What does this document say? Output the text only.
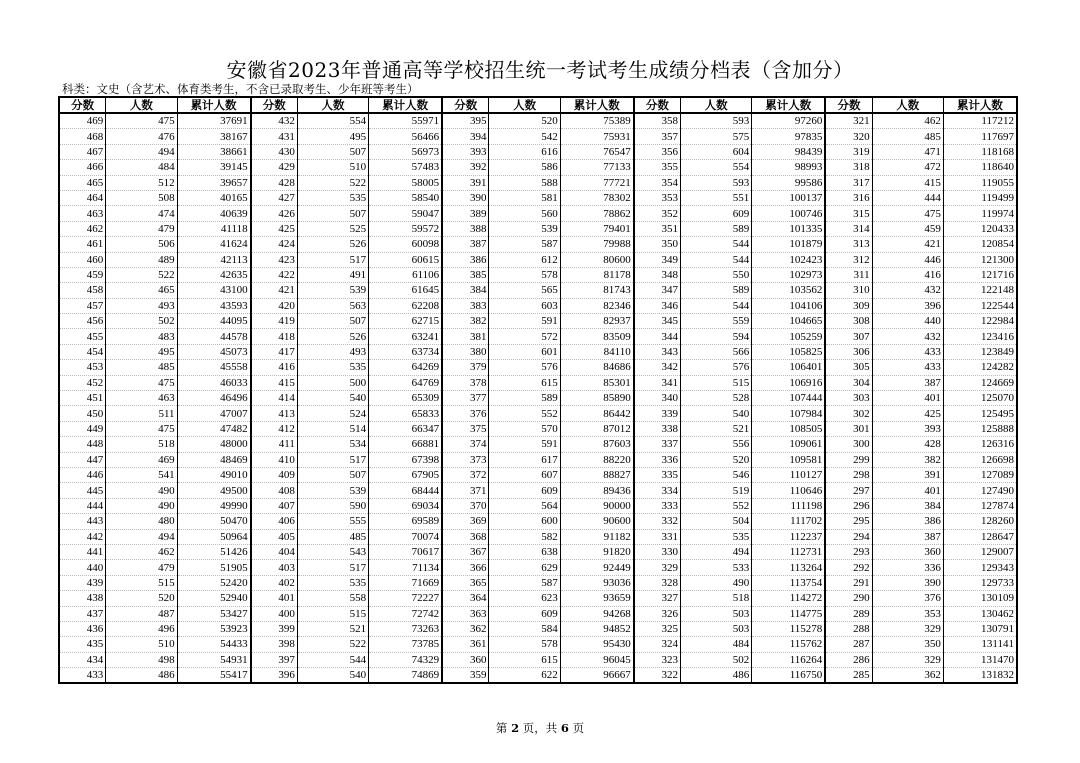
安徽省2023年普通高等学校招生统一考试考生成绩分档表（含加分）
科类：文史（含艺术、体育类考生，不含已录取考生、少年班等考生）
分数	人数	累计人数	分数	人数	累计人数	分数	人数	累计人数	分数	人数	累计人数	分数	人数	累计人数
469	475	37691	432	554	55971	395	520	75389	358	593	97260	321	462	117212
468	476	38167	431	495	56466	394	542	75931	357	575	97835	320	485	117697
467	494	38661	430	507	56973	393	616	76547	356	604	98439	319	471	118168
466	484	39145	429	510	57483	392	586	77133	355	554	98993	318	472	118640
465	512	39657	428	522	58005	391	588	77721	354	593	99586	317	415	119055
464	508	40165	427	535	58540	390	581	78302	353	551	100137	316	444	119499
463	474	40639	426	507	59047	389	560	78862	352	609	100746	315	475	119974
462	479	41118	425	525	59572	388	539	79401	351	589	101335	314	459	120433
461	506	41624	424	526	60098	387	587	79988	350	544	101879	313	421	120854
460	489	42113	423	517	60615	386	612	80600	349	544	102423	312	446	121300
459	522	42635	422	491	61106	385	578	81178	348	550	102973	311	416	121716
458	465	43100	421	539	61645	384	565	81743	347	589	103562	310	432	122148
457	493	43593	420	563	62208	383	603	82346	346	544	104106	309	396	122544
456	502	44095	419	507	62715	382	591	82937	345	559	104665	308	440	122984
455	483	44578	418	526	63241	381	572	83509	344	594	105259	307	432	123416
454	495	45073	417	493	63734	380	601	84110	343	566	105825	306	433	123849
453	485	45558	416	535	64269	379	576	84686	342	576	106401	305	433	124282
452	475	46033	415	500	64769	378	615	85301	341	515	106916	304	387	124669
451	463	46496	414	540	65309	377	589	85890	340	528	107444	303	401	125070
450	511	47007	413	524	65833	376	552	86442	339	540	107984	302	425	125495
449	475	47482	412	514	66347	375	570	87012	338	521	108505	301	393	125888
448	518	48000	411	534	66881	374	591	87603	337	556	109061	300	428	126316
447	469	48469	410	517	67398	373	617	88220	336	520	109581	299	382	126698
446	541	49010	409	507	67905	372	607	88827	335	546	110127	298	391	127089
445	490	49500	408	539	68444	371	609	89436	334	519	110646	297	401	127490
444	490	49990	407	590	69034	370	564	90000	333	552	111198	296	384	127874
443	480	50470	406	555	69589	369	600	90600	332	504	111702	295	386	128260
442	494	50964	405	485	70074	368	582	91182	331	535	112237	294	387	128647
441	462	51426	404	543	70617	367	638	91820	330	494	112731	293	360	129007
440	479	51905	403	517	71134	366	629	92449	329	533	113264	292	336	129343
439	515	52420	402	535	71669	365	587	93036	328	490	113754	291	390	129733
438	520	52940	401	558	72227	364	623	93659	327	518	114272	290	376	130109
437	487	53427	400	515	72742	363	609	94268	326	503	114775	289	353	130462
436	496	53923	399	521	73263	362	584	94852	325	503	115278	288	329	130791
435	510	54433	398	522	73785	361	578	95430	324	484	115762	287	350	131141
434	498	54931	397	544	74329	360	615	96045	323	502	116264	286	329	131470
433	486	55417	396	540	74869	359	622	96667	322	486	116750	285	362	131832
第 2 页，共 6 页
